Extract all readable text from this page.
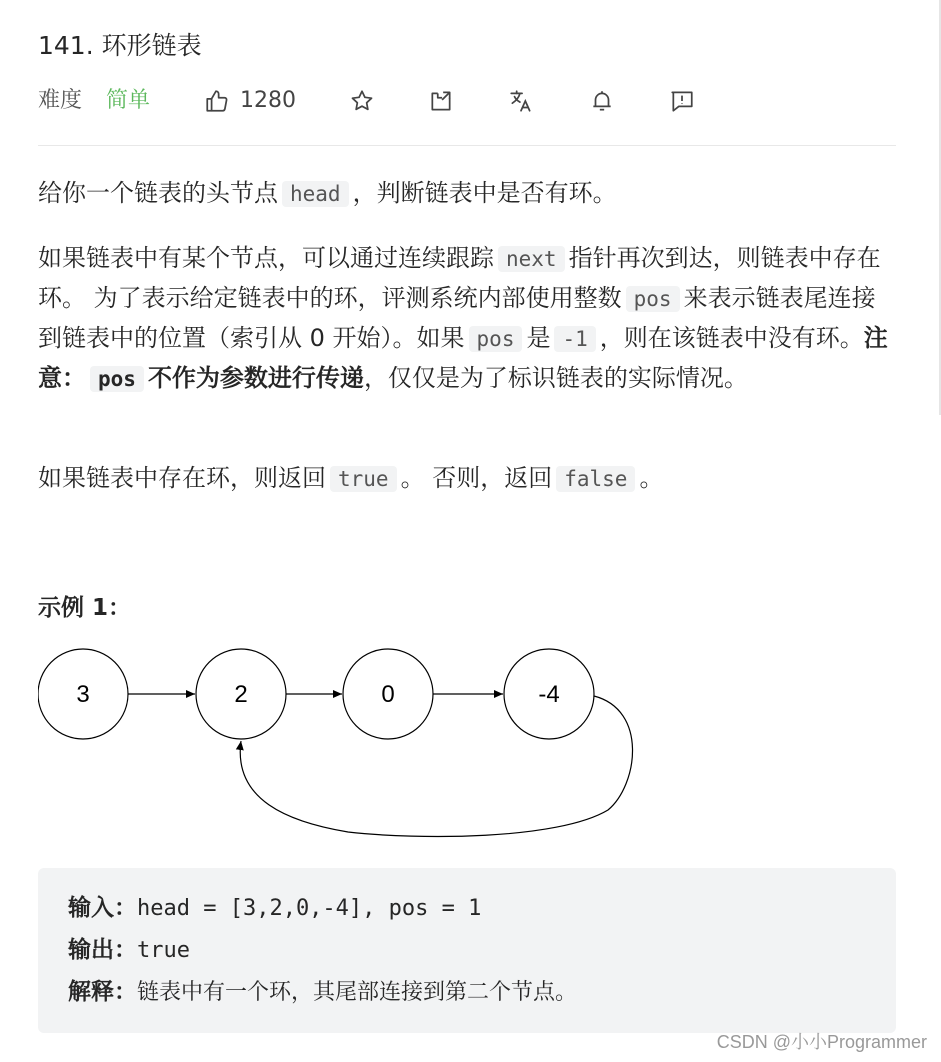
141. 环形链表
难度 简单	1280
给你一个链表的头节点 head ，判断链表中是否有环。
如果链表中有某个节点，可以通过连续跟踪 next 指针再次到达，则链表中存在环。 为了表示给定链表中的环，评测系统内部使用整数 pos 来表示链表尾连接到链表中的位置（索引从 0 开始）。如果 pos 是 -1 ，则在该链表中没有环。注意： pos 不作为参数进行传递，仅仅是为了标识链表的实际情况。
如果链表中存在环，则返回 true 。 否则，返回 false 。
示例 1：
3	2	0	-4
输入：head = [3,2,0,-4], pos = 1
输出：true
解释：链表中有一个环，其尾部连接到第二个节点。
CSDN @小小Programmer
